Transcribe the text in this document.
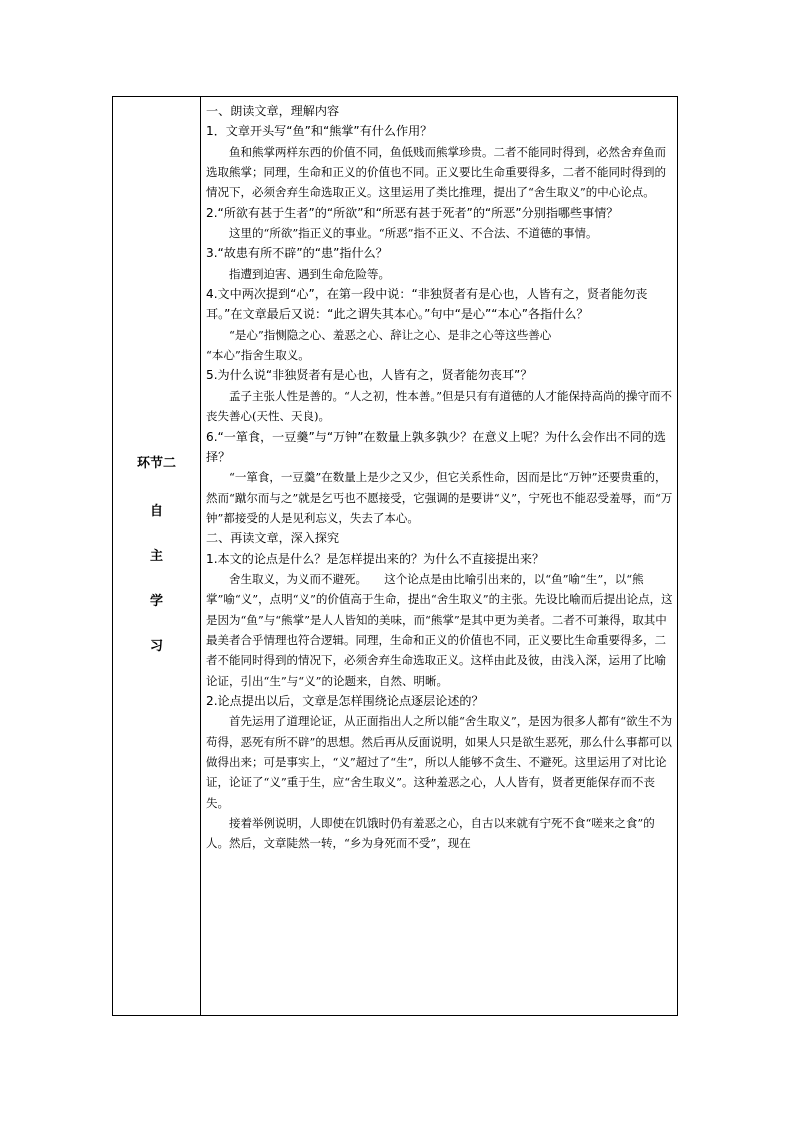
环节二
自
主
学
习

一、朗读文章，理解内容

1．文章开头写“鱼”和“熊掌”有什么作用？

鱼和熊掌两样东西的价值不同，鱼低贱而熊掌珍贵。二者不能同时得到，必然舍弃鱼而选取熊掌；同理，生命和正义的价值也不同。正义要比生命重要得多，二者不能同时得到的情况下，必须舍弃生命选取正义。这里运用了类比推理，提出了“舍生取义”的中心论点。

2.“所欲有甚于生者”的“所欲”和“所恶有甚于死者”的“所恶”分别指哪些事情？

这里的“所欲”指正义的事业。“所恶”指不正义、不合法、不道德的事情。

3.“故患有所不辟”的“患”指什么？

指遭到迫害、遇到生命危险等。

4.文中两次提到“心”，在第一段中说：“非独贤者有是心也，人皆有之，贤者能勿丧耳。”在文章最后又说：“此之谓失其本心。”句中“是心”“本心”各指什么？

“是心”指恻隐之心、羞恶之心、辞让之心、是非之心等这些善心

“本心”指舍生取义。

5.为什么说“非独贤者有是心也，人皆有之，贤者能勿丧耳”？

孟子主张人性是善的。“人之初，性本善。”但是只有有道德的人才能保持高尚的操守而不丧失善心(天性、天良)。

6.“一箪食，一豆羹”与“万钟”在数量上孰多孰少？在意义上呢？为什么会作出不同的选择？

“一箪食，一豆羹”在数量上是少之又少，但它关系性命，因而是比“万钟”还要贵重的，然而“蹴尔而与之”就是乞丐也不愿接受，它强调的是要讲“义”，宁死也不能忍受羞辱，而“万钟”都接受的人是见利忘义，失去了本心。

二、再读文章，深入探究

1.本文的论点是什么？是怎样提出来的？为什么不直接提出来？

舍生取义，为义而不避死。　　这个论点是由比喻引出来的，以“鱼”喻“生”，以“熊掌”喻“义”，点明“义”的价值高于生命，提出“舍生取义”的主张。先设比喻而后提出论点，这是因为“鱼”与“熊掌”是人人皆知的美味，而“熊掌”是其中更为美者。二者不可兼得，取其中最美者合乎情理也符合逻辑。同理，生命和正义的价值也不同，正义要比生命重要得多，二者不能同时得到的情况下，必须舍弃生命选取正义。这样由此及彼，由浅入深，运用了比喻论证，引出“生”与“义”的论题来，自然、明晰。

2.论点提出以后，文章是怎样围绕论点逐层论述的？

首先运用了道理论证，从正面指出人之所以能“舍生取义”，是因为很多人都有“欲生不为苟得，恶死有所不辟”的思想。然后再从反面说明，如果人只是欲生恶死，那么什么事都可以做得出来；可是事实上，“义”超过了“生”，所以人能够不贪生、不避死。这里运用了对比论证，论证了“义”重于生，应“舍生取义”。这种羞恶之心，人人皆有，贤者更能保存而不丧失。

接着举例说明，人即使在饥饿时仍有羞恶之心，自古以来就有宁死不食“嗟来之食”的人。然后，文章陡然一转，“乡为身死而不受”，现在
